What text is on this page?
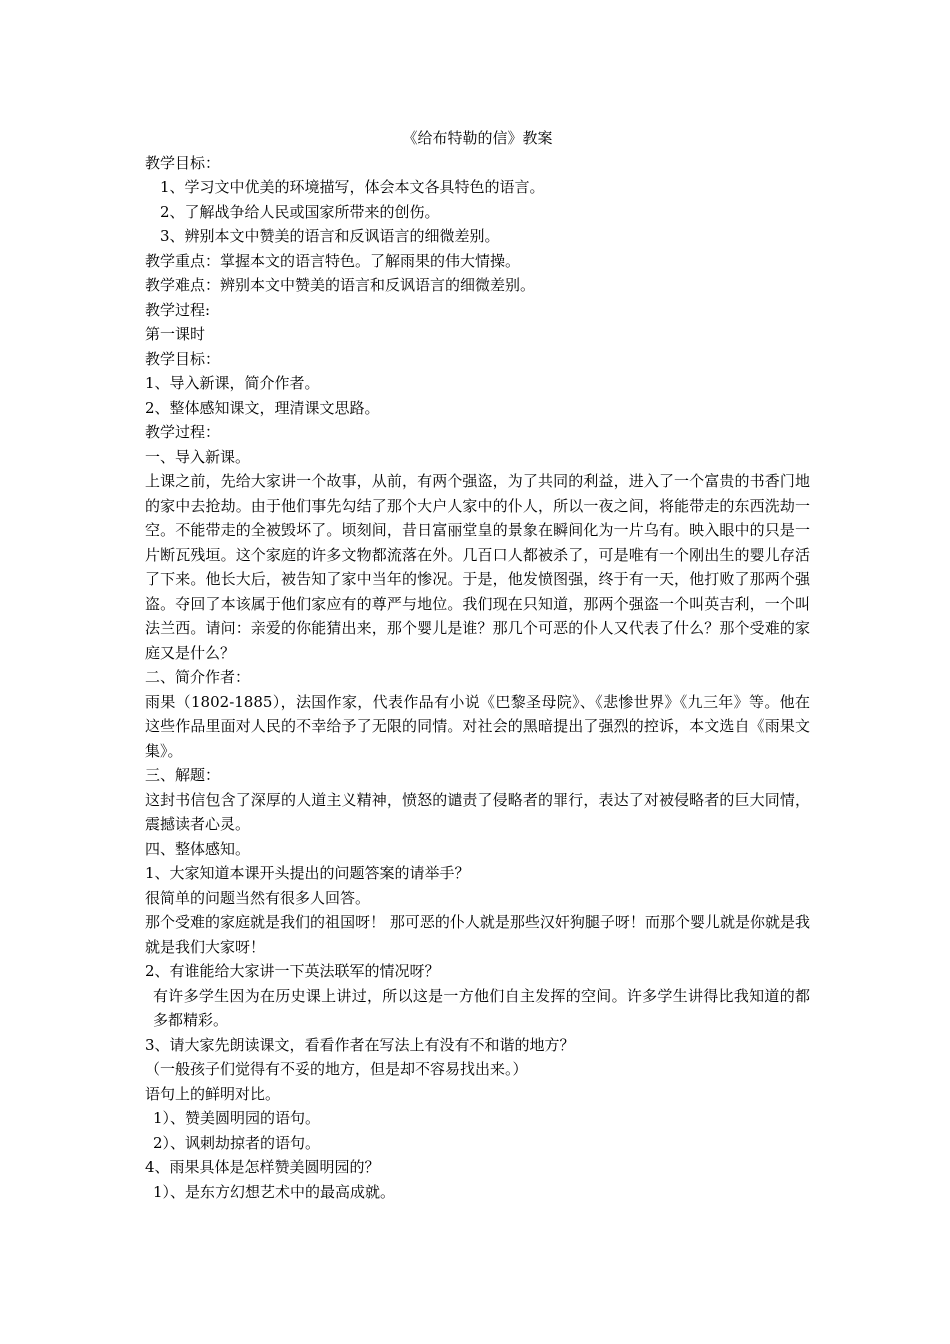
《给布特勒的信》教案

教学目标：

1、学习文中优美的环境描写，体会本文各具特色的语言。

2、了解战争给人民或国家所带来的创伤。

3、辨别本文中赞美的语言和反讽语言的细微差别。

教学重点：掌握本文的语言特色。了解雨果的伟大情操。

教学难点：辨别本文中赞美的语言和反讽语言的细微差别。

教学过程:

第一课时

教学目标：

1、导入新课，简介作者。

2、整体感知课文，理清课文思路。

教学过程：

一、导入新课。

上课之前，先给大家讲一个故事，从前，有两个强盗，为了共同的利益，进入了一个富贵的书香门地的家中去抢劫。由于他们事先勾结了那个大户人家中的仆人，所以一夜之间，将能带走的东西洗劫一空。不能带走的全被毁坏了。顷刻间，昔日富丽堂皇的景象在瞬间化为一片乌有。映入眼中的只是一片断瓦残垣。这个家庭的许多文物都流落在外。几百口人都被杀了，可是唯有一个刚出生的婴儿存活了下来。他长大后，被告知了家中当年的惨况。于是，他发愤图强，终于有一天，他打败了那两个强盗。夺回了本该属于他们家应有的尊严与地位。我们现在只知道，那两个强盗一个叫英吉利，一个叫法兰西。请问：亲爱的你能猜出来，那个婴儿是谁？那几个可恶的仆人又代表了什么？那个受难的家庭又是什么？

二、简介作者：

雨果（1802-1885），法国作家，代表作品有小说《巴黎圣母院》、《悲惨世界》《九三年》等。他在这些作品里面对人民的不幸给予了无限的同情。对社会的黑暗提出了强烈的控诉，本文选自《雨果文集》。

三、解题：

这封书信包含了深厚的人道主义精神，愤怒的谴责了侵略者的罪行，表达了对被侵略者的巨大同情，震撼读者心灵。

四、整体感知。

1、大家知道本课开头提出的问题答案的请举手？

很简单的问题当然有很多人回答。

那个受难的家庭就是我们的祖国呀！ 那可恶的仆人就是那些汉奸狗腿子呀！而那个婴儿就是你就是我就是我们大家呀！

2、有谁能给大家讲一下英法联军的情况呀？

有许多学生因为在历史课上讲过，所以这是一方他们自主发挥的空间。许多学生讲得比我知道的都多都精彩。

3、请大家先朗读课文，看看作者在写法上有没有不和谐的地方？

（一般孩子们觉得有不妥的地方，但是却不容易找出来。）

语句上的鲜明对比。

1）、赞美圆明园的语句。

2）、讽刺劫掠者的语句。

4、雨果具体是怎样赞美圆明园的？

1）、是东方幻想艺术中的最高成就。
